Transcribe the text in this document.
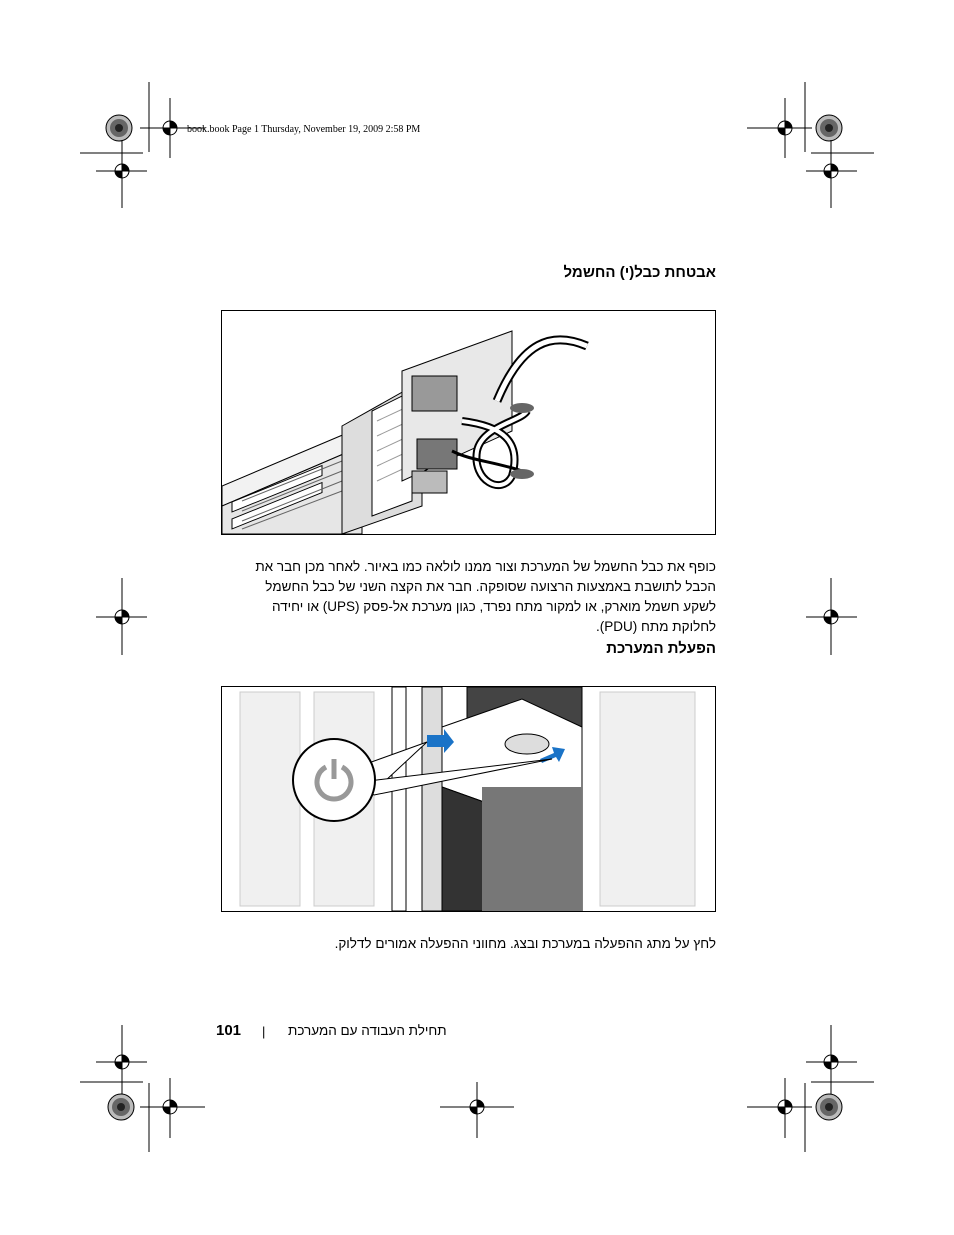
book.book Page 1 Thursday, November 19, 2009 2:58 PM
אבטחת כבל(י) החשמל
כופף את כבל החשמל של המערכת וצור ממנו לולאה כמו באיור. לאחר מכן חבר את הכבל לתושבת באמצעות הרצועה שסופקה. חבר את הקצה השני של כבל החשמל לשקע חשמל מוארק, או למקור מתח נפרד, כגון מערכת אל-פסק (UPS) או יחידה לחלוקת מתח (PDU).
הפעלת המערכת
לחץ על מתג ההפעלה במערכת ובצג. מחווני ההפעלה אמורים לדלוק.
101 | תחילת העבודה עם המערכת
